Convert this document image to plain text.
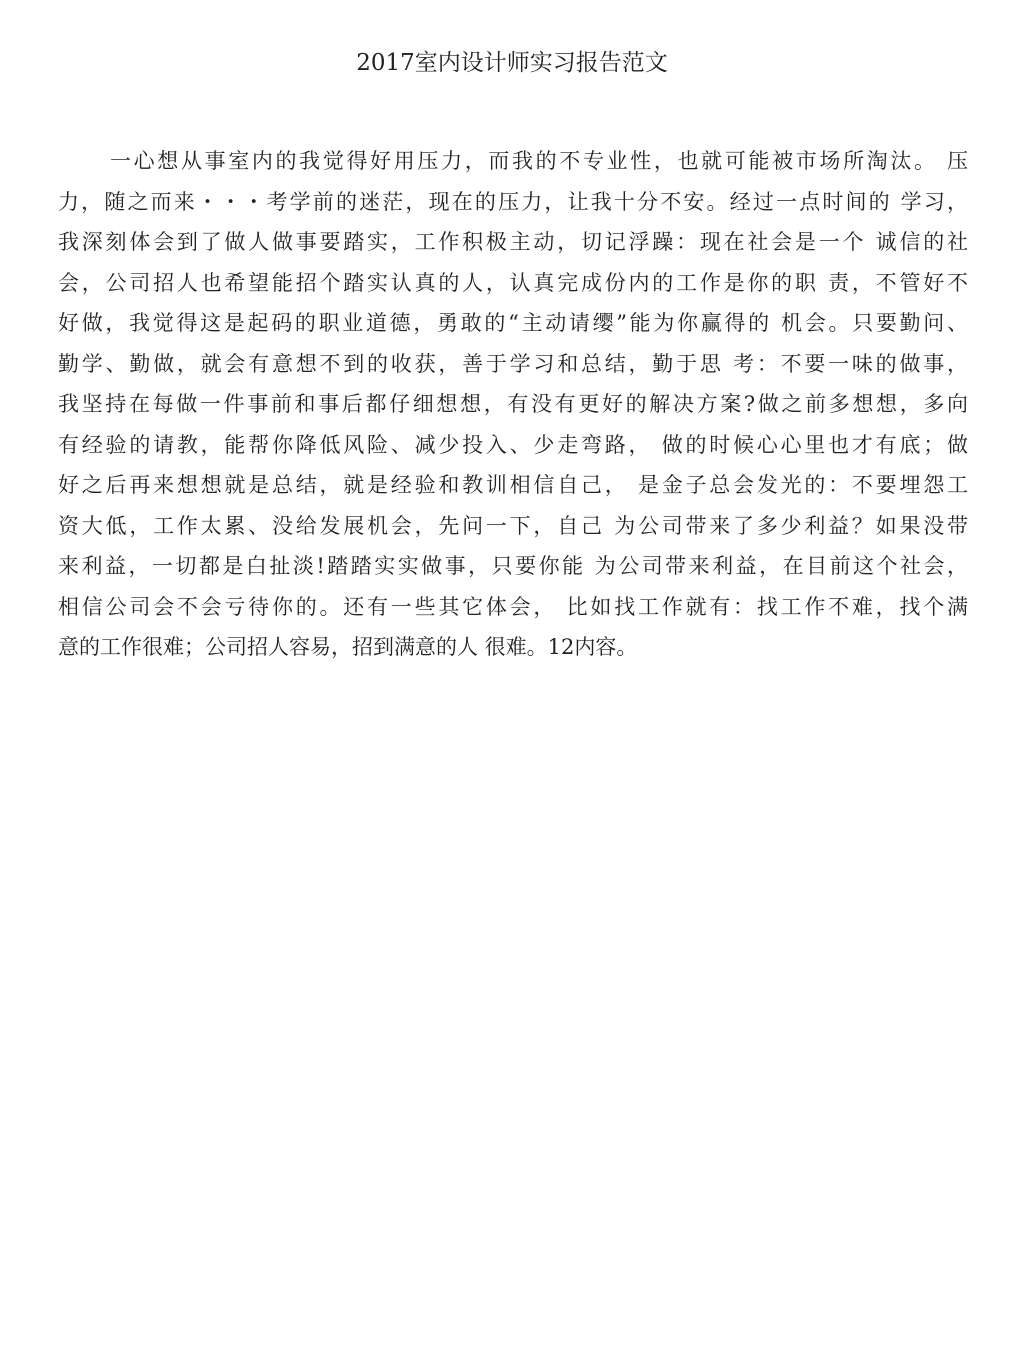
2017室内设计师实习报告范文
一心想从事室内的我觉得好用压力，而我的不专业性，也就可能被市场所淘汰。 压
力，随之而来・・・考学前的迷茫，现在的压力，让我十分不安。经过一点时间的 学习，
我深刻体会到了做人做事要踏实，工作积极主动，切记浮躁：现在社会是一个 诚信的社
会，公司招人也希望能招个踏实认真的人，认真完成份内的工作是你的职 责，不管好不
好做，我觉得这是起码的职业道德，勇敢的“主动请缨”能为你赢得的 机会。只要勤问、
勤学、勤做，就会有意想不到的收获，善于学习和总结，勤于思 考：不要一味的做事，
我坚持在每做一件事前和事后都仔细想想，有没有更好的解决方案?做之前多想想，多向
有经验的请教，能帮你降低风险、减少投入、少走弯路， 做的时候心心里也才有底；做
好之后再来想想就是总结，就是经验和教训相信自己， 是金子总会发光的：不要埋怨工
资大低，工作太累、没给发展机会，先问一下，自己 为公司带来了多少利益？如果没带
来利益，一切都是白扯淡!踏踏实实做事，只要你能 为公司带来利益，在目前这个社会，
相信公司会不会亏待你的。还有一些其它体会， 比如找工作就有：找工作不难，找个满
意的工作很难；公司招人容易，招到满意的人 很难。12内容。
